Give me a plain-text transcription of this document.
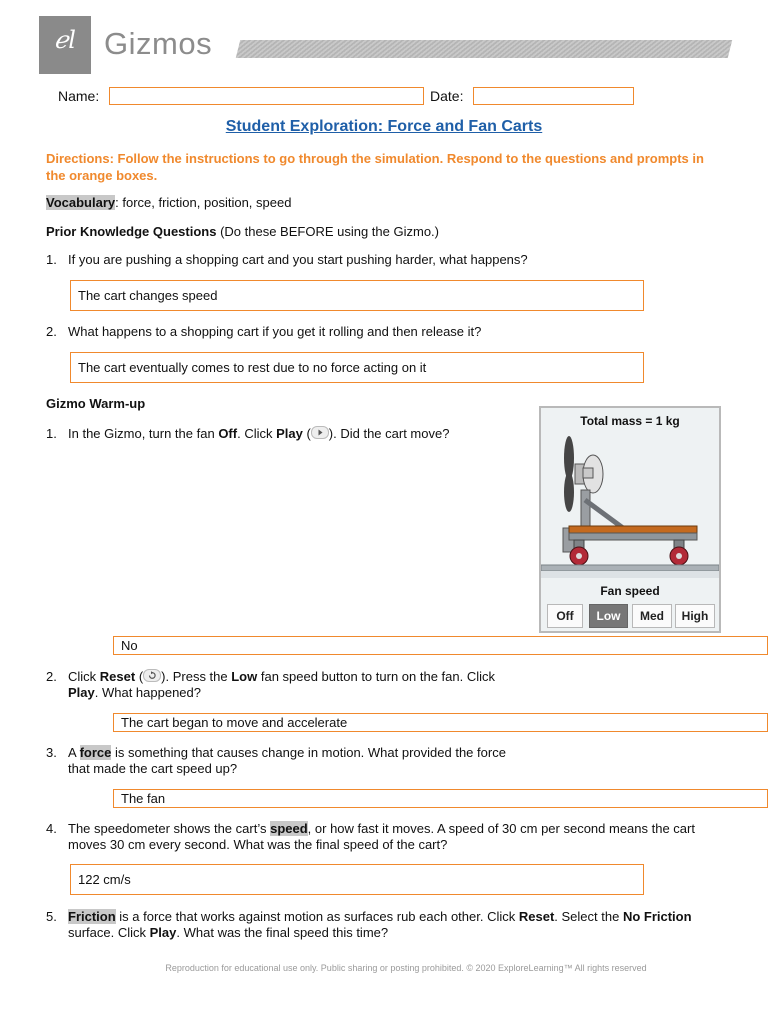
ℯl Gizmos
Name:	Date:
Student Exploration: Force and Fan Carts
Directions: Follow the instructions to go through the simulation. Respond to the questions and prompts in the orange boxes.
Vocabulary: force, friction, position, speed
Prior Knowledge Questions (Do these BEFORE using the Gizmo.)
1. If you are pushing a shopping cart and you start pushing harder, what happens?
The cart changes speed
2. What happens to a shopping cart if you get it rolling and then release it?
The cart eventually comes to rest due to no force acting on it
Gizmo Warm-up
1. In the Gizmo, turn the fan Off. Click Play ( ). Did the cart move?
Total mass = 1 kg
Fan speed
Off	Low	Med	High
No
2. Click Reset ( ). Press the Low fan speed button to turn on the fan. Click Play. What happened?
The cart began to move and accelerate
3. A force is something that causes change in motion. What provided the force that made the cart speed up?
The fan
4. The speedometer shows the cart’s speed, or how fast it moves. A speed of 30 cm per second means the cart moves 30 cm every second. What was the final speed of the cart?
122 cm/s
5. Friction is a force that works against motion as surfaces rub each other. Click Reset. Select the No Friction surface. Click Play. What was the final speed this time?
Reproduction for educational use only. Public sharing or posting prohibited. © 2020 ExploreLearning™ All rights reserved
